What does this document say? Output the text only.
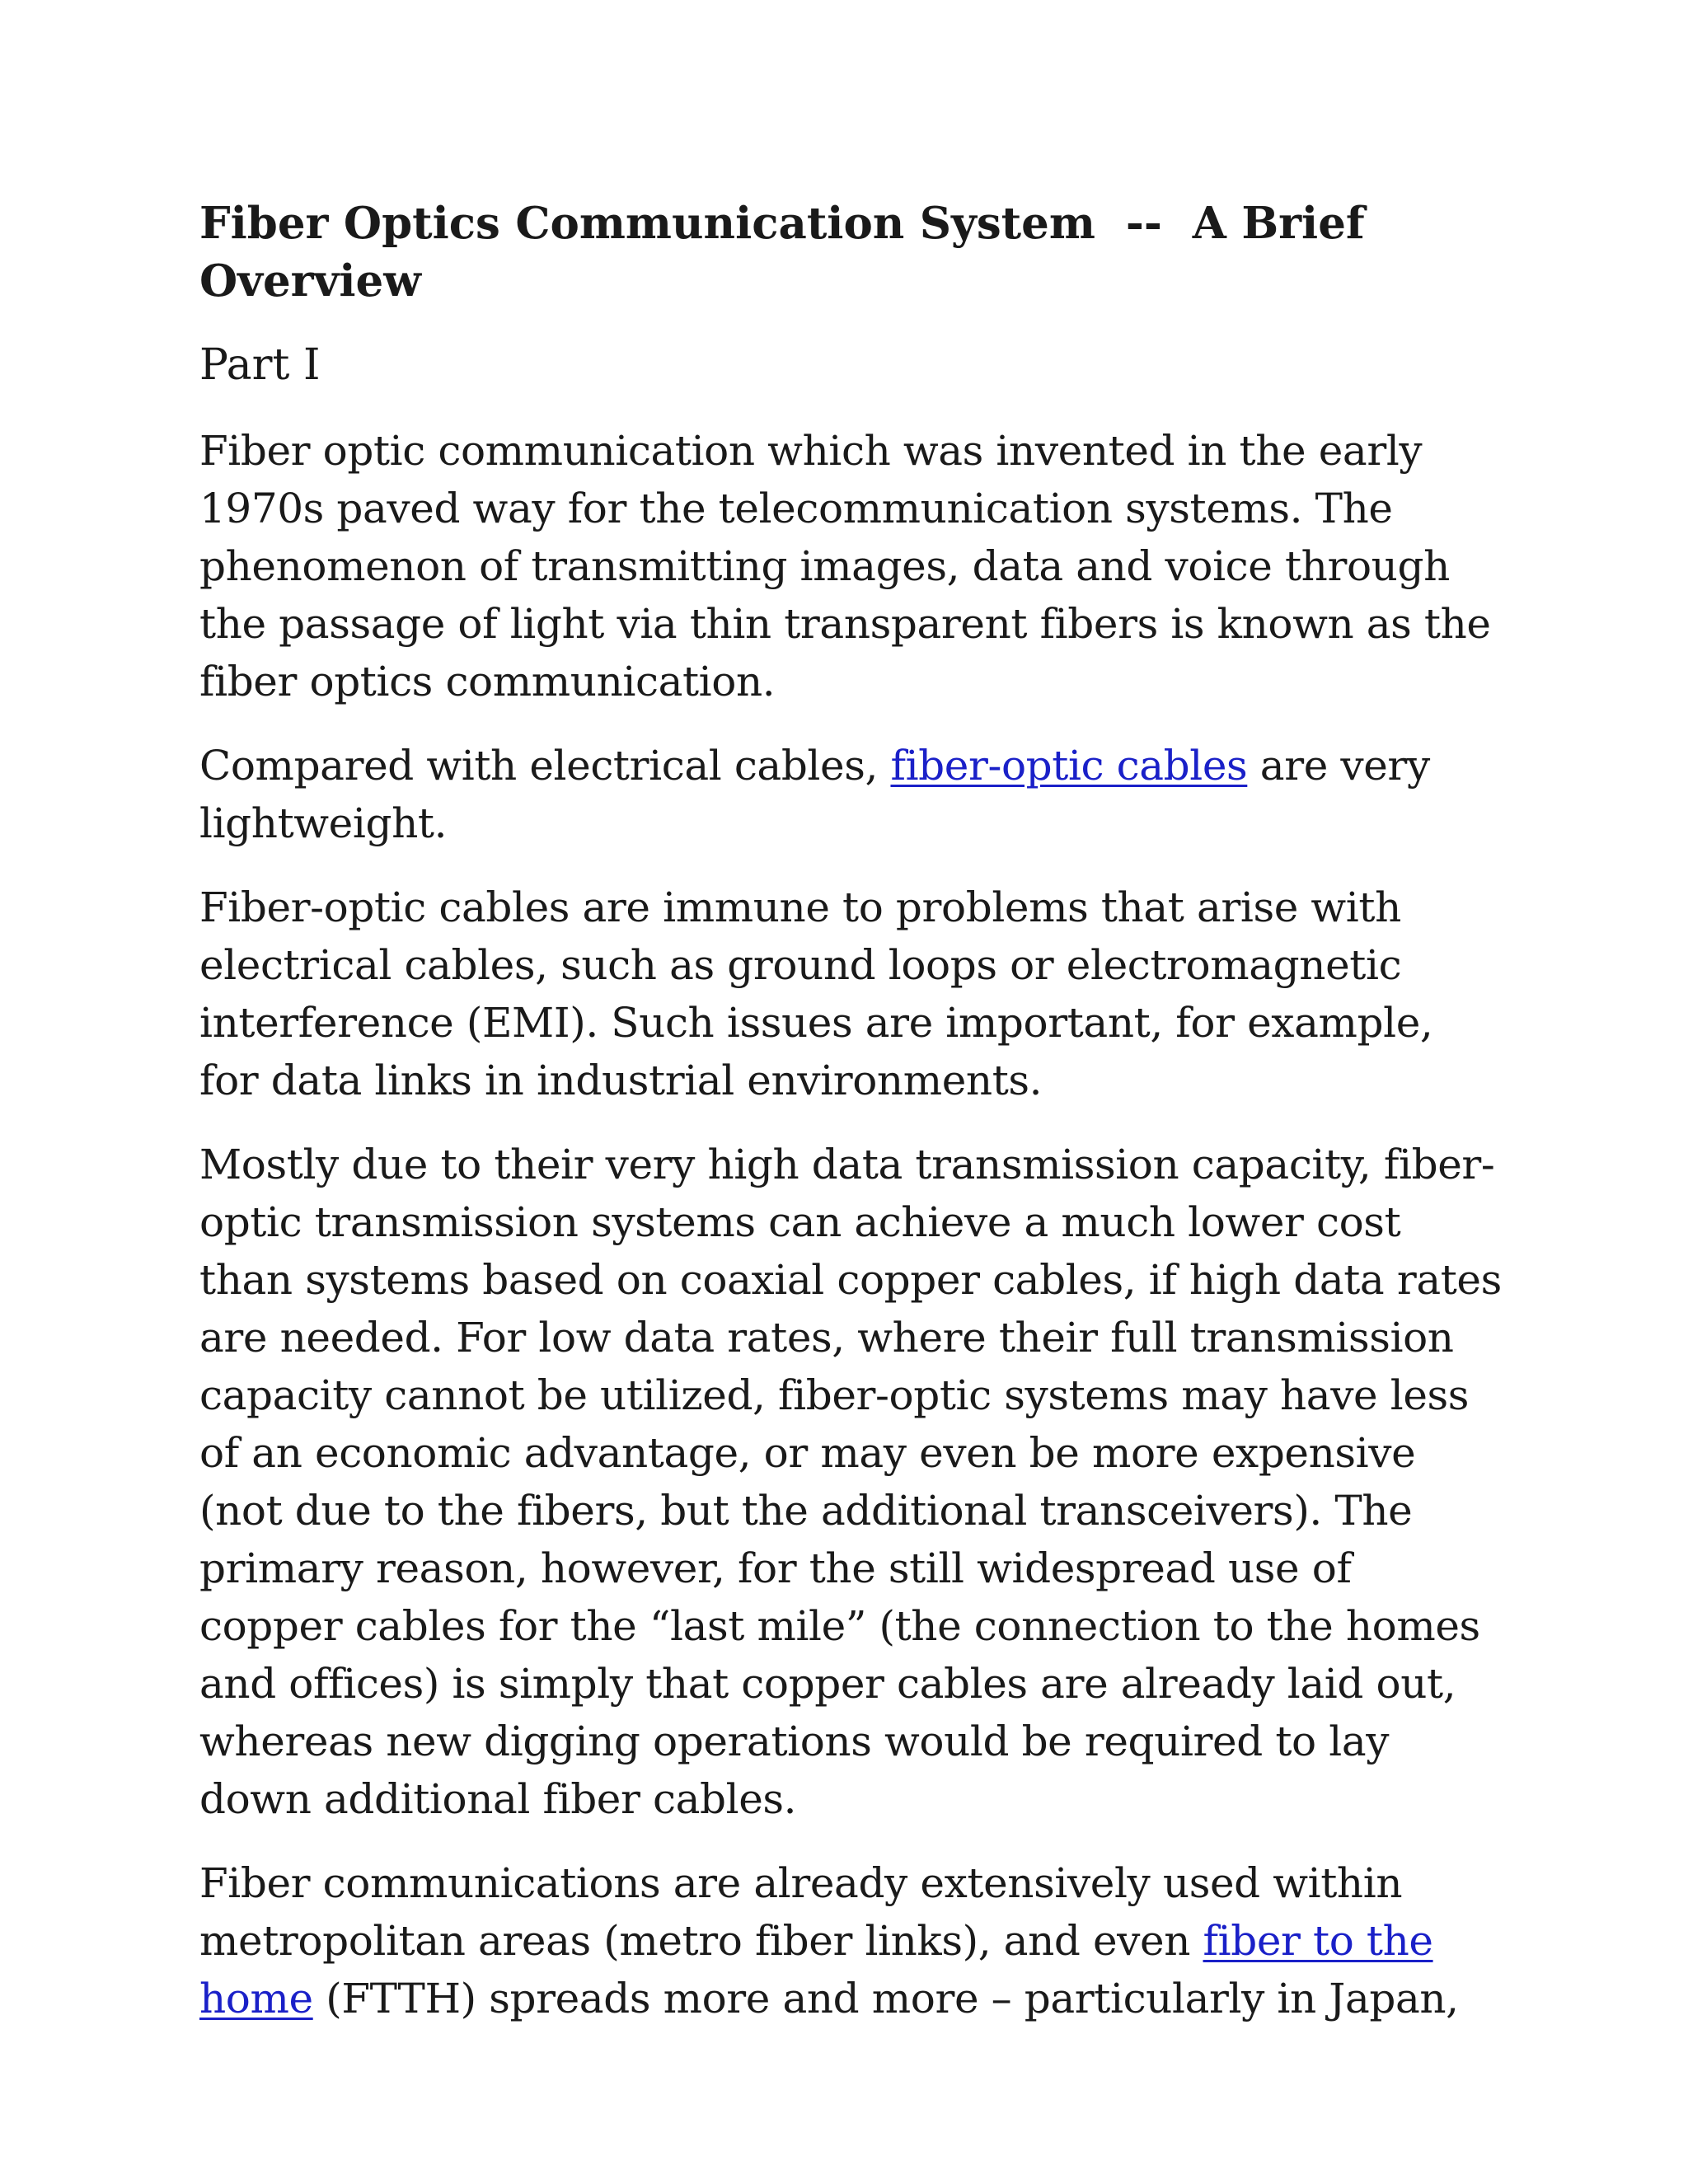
Fiber Optics Communication System  --  A Brief Overview
Part I

Fiber optic communication which was invented in the early 1970s paved way for the telecommunication systems. The phenomenon of transmitting images, data and voice through the passage of light via thin transparent fibers is known as the fiber optics communication.

Compared with electrical cables, fiber-optic cables are very lightweight.

Fiber-optic cables are immune to problems that arise with electrical cables, such as ground loops or electromagnetic interference (EMI). Such issues are important, for example, for data links in industrial environments.

Mostly due to their very high data transmission capacity, fiber-optic transmission systems can achieve a much lower cost than systems based on coaxial copper cables, if high data rates are needed. For low data rates, where their full transmission capacity cannot be utilized, fiber-optic systems may have less of an economic advantage, or may even be more expensive (not due to the fibers, but the additional transceivers). The primary reason, however, for the still widespread use of copper cables for the “last mile” (the connection to the homes and offices) is simply that copper cables are already laid out, whereas new digging operations would be required to lay down additional fiber cables.

Fiber communications are already extensively used within metropolitan areas (metro fiber links), and even fiber to the home (FTTH) spreads more and more – particularly in Japan,
